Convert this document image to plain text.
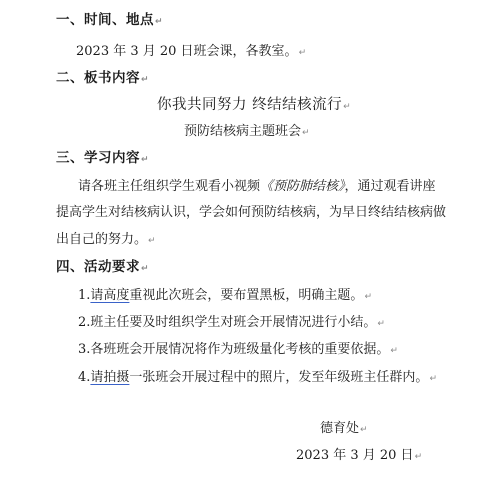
一、时间、地点↵
2023 年 3 月 20 日班会课，各教室。↵
二、板书内容↵
你我共同努力 终结结核流行↵
预防结核病主题班会↵
三、学习内容↵
请各班主任组织学生观看小视频《预防肺结核》，通过观看讲座
提高学生对结核病认识，学会如何预防结核病，为早日终结结核病做
出自己的努力。↵
四、活动要求↵
1.请高度重视此次班会，要布置黑板，明确主题。↵
2.班主任要及时组织学生对班会开展情况进行小结。↵
3.各班班会开展情况将作为班级量化考核的重要依据。↵
4.请拍摄一张班会开展过程中的照片，发至年级班主任群内。↵
德育处↵
2023 年 3 月 20 日↵
